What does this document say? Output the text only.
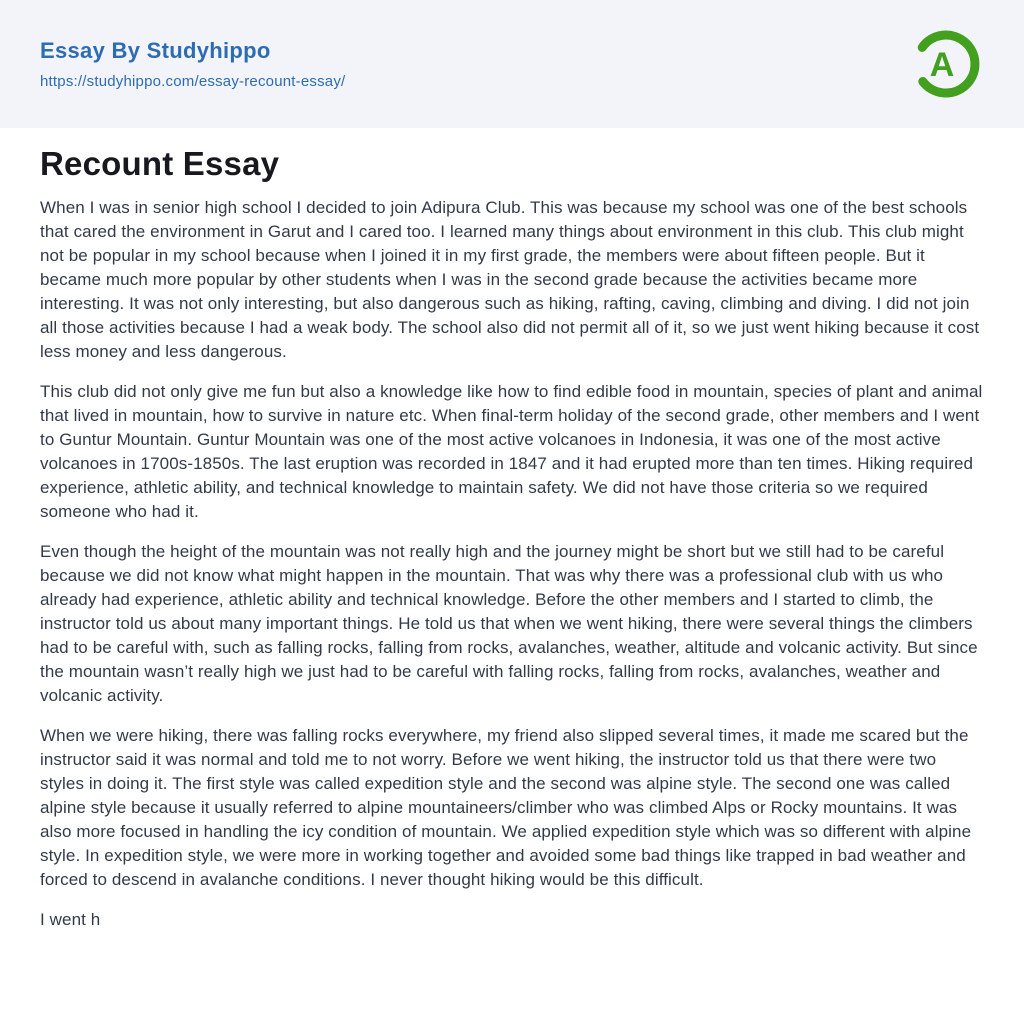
Essay By Studyhippo
https://studyhippo.com/essay-recount-essay/	A
Recount Essay

When I was in senior high school I decided to join Adipura Club. This was because my school was one of the best schools that cared the environment in Garut and I cared too. I learned many things about environment in this club. This club might not be popular in my school because when I joined it in my first grade, the members were about fifteen people. But it became much more popular by other students when I was in the second grade because the activities became more interesting. It was not only interesting, but also dangerous such as hiking, rafting, caving, climbing and diving. I did not join all those activities because I had a weak body. The school also did not permit all of it, so we just went hiking because it cost less money and less dangerous.

This club did not only give me fun but also a knowledge like how to find edible food in mountain, species of plant and animal that lived in mountain, how to survive in nature etc. When final-term holiday of the second grade, other members and I went to Guntur Mountain. Guntur Mountain was one of the most active volcanoes in Indonesia, it was one of the most active volcanoes in 1700s-1850s. The last eruption was recorded in 1847 and it had erupted more than ten times. Hiking required experience, athletic ability, and technical knowledge to maintain safety. We did not have those criteria so we required someone who had it.

Even though the height of the mountain was not really high and the journey might be short but we still had to be careful because we did not know what might happen in the mountain. That was why there was a professional club with us who already had experience, athletic ability and technical knowledge. Before the other members and I started to climb, the instructor told us about many important things. He told us that when we went hiking, there were several things the climbers had to be careful with, such as falling rocks, falling from rocks, avalanches, weather, altitude and volcanic activity. But since the mountain wasn’t really high we just had to be careful with falling rocks, falling from rocks, avalanches, weather and volcanic activity.

When we were hiking, there was falling rocks everywhere, my friend also slipped several times, it made me scared but the instructor said it was normal and told me to not worry. Before we went hiking, the instructor told us that there were two styles in doing it. The first style was called expedition style and the second was alpine style. The second one was called alpine style because it usually referred to alpine mountaineers/climber who was climbed Alps or Rocky mountains. It was also more focused in handling the icy condition of mountain. We applied expedition style which was so different with alpine style. In expedition style, we were more in working together and avoided some bad things like trapped in bad weather and forced to descend in avalanche conditions. I never thought hiking would be this difficult.

I went h
